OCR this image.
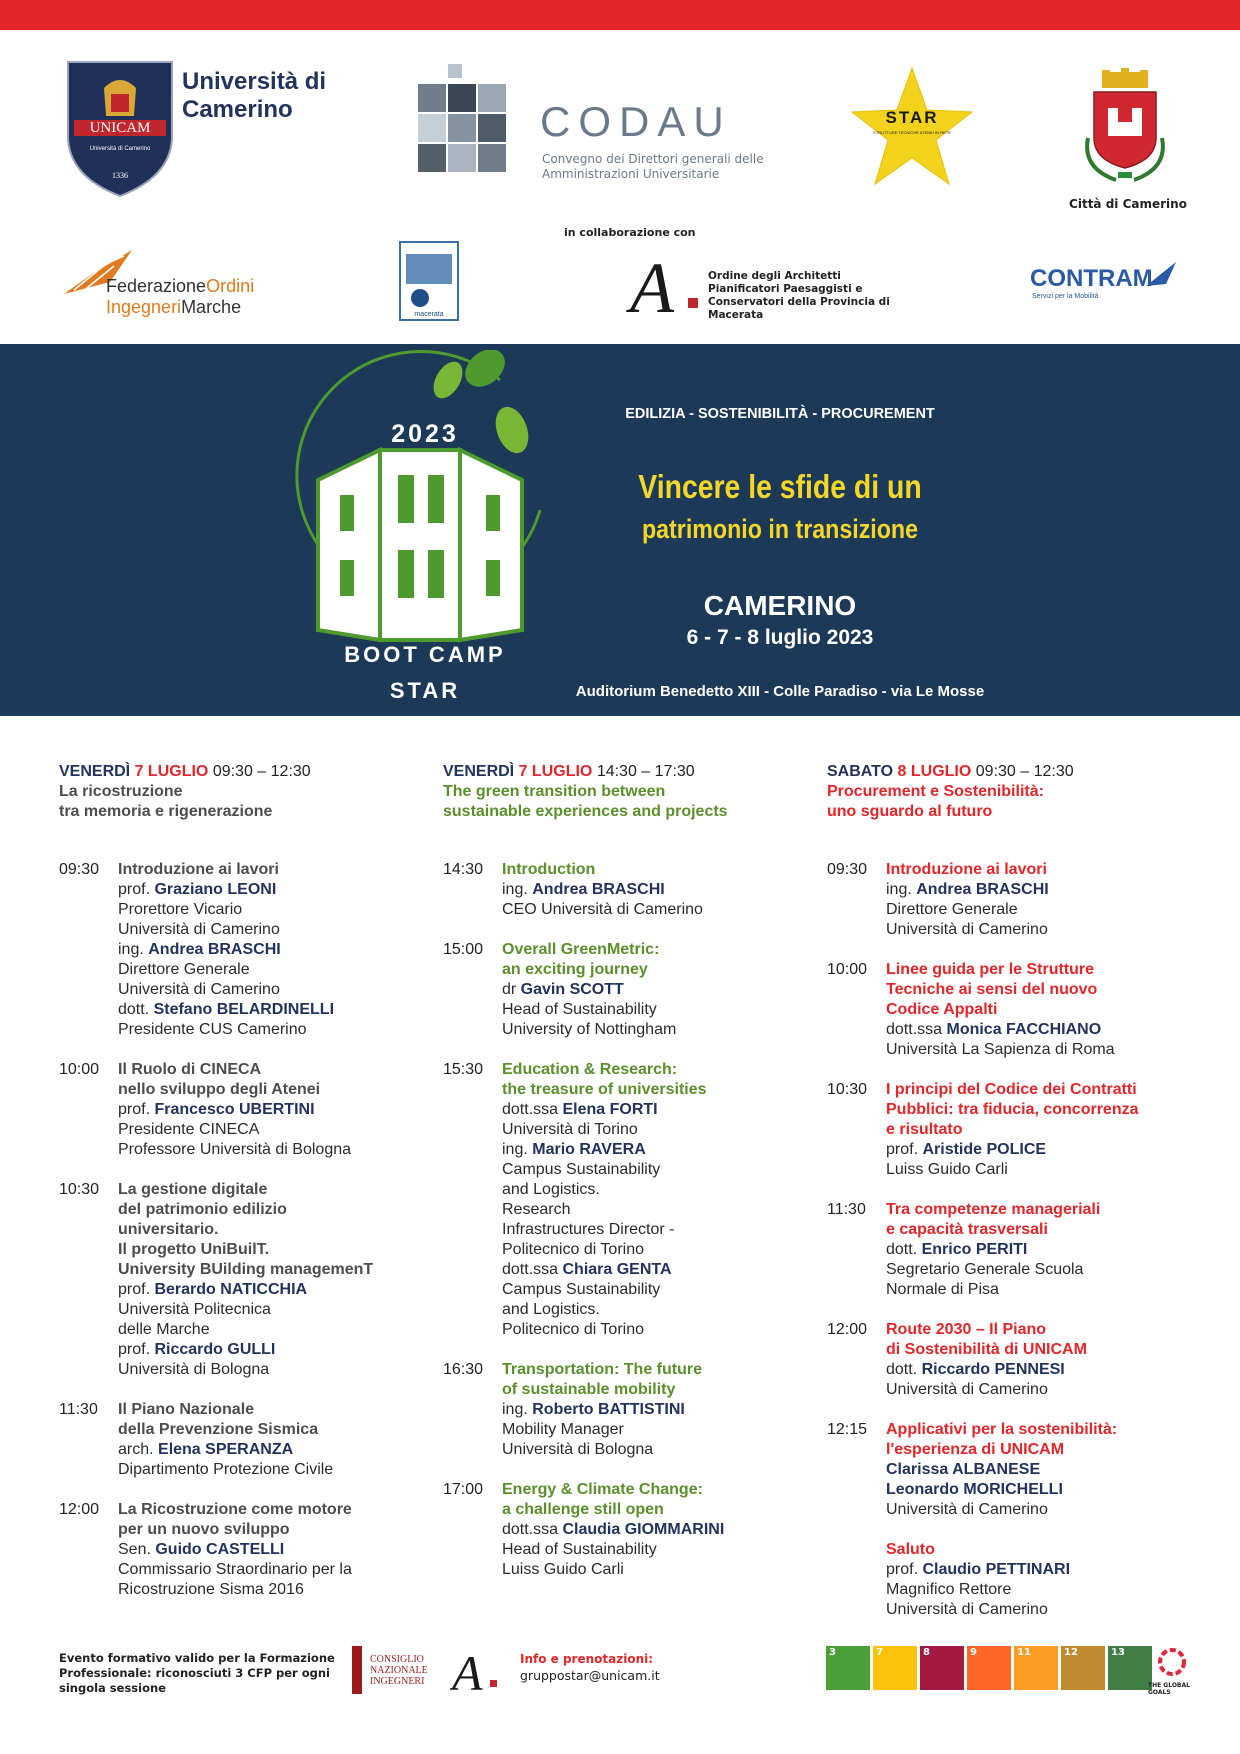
UNICAM
Università di Camerino
1336
Università di Camerino	CODAU
Convegno dei Direttori generali delle Amministrazioni Universitarie
STAR
STRUTTURE TECNICHE ATENEI IN RETE
Città di Camerino
in collaborazione con
FederazioneOrdini
IngegneriMarche	macerata	A	Ordine degli Architetti Pianificatori Paesaggisti e Conservatori della Provincia di Macerata
CONTRAM
Servizi per la Mobilità
2023
BOOT CAMP
STAR
EDILIZIA - SOSTENIBILITÀ - PROCUREMENT
Vincere le sfide di un
patrimonio in transizione
CAMERINO
6 - 7 - 8 luglio 2023
Auditorium Benedetto XIII - Colle Paradiso - via Le Mosse
VENERDÌ 7 LUGLIO 09:30 – 12:30
La ricostruzione
tra memoria e rigenerazione
09:30	Introduzione ai lavori
prof. Graziano LEONI
Prorettore Vicario
Università di Camerino
ing. Andrea BRASCHI
Direttore Generale
Università di Camerino
dott. Stefano BELARDINELLI
Presidente CUS Camerino
10:00	Il Ruolo di CINECA
nello sviluppo degli Atenei
prof. Francesco UBERTINI
Presidente CINECA
Professore Università di Bologna
10:30	La gestione digitale
del patrimonio edilizio
universitario.
Il progetto UniBuilT.
University BUilding managemenT
prof. Berardo NATICCHIA
Università Politecnica
delle Marche
prof. Riccardo GULLI
Università di Bologna
11:30	Il Piano Nazionale
della Prevenzione Sismica
arch. Elena SPERANZA
Dipartimento Protezione Civile
12:00	La Ricostruzione come motore
per un nuovo sviluppo
Sen. Guido CASTELLI
Commissario Straordinario per la
Ricostruzione Sisma 2016
VENERDÌ 7 LUGLIO 14:30 – 17:30
The green transition between
sustainable experiences and projects
14:30	Introduction
ing. Andrea BRASCHI
CEO Università di Camerino
15:00	Overall GreenMetric:
an exciting journey
dr Gavin SCOTT
Head of Sustainability
University of Nottingham
15:30	Education & Research:
the treasure of universities
dott.ssa Elena FORTI
Università di Torino
ing. Mario RAVERA
Campus Sustainability
and Logistics.
Research
Infrastructures Director -
Politecnico di Torino
dott.ssa Chiara GENTA
Campus Sustainability
and Logistics.
Politecnico di Torino
16:30	Transportation: The future
of sustainable mobility
ing. Roberto BATTISTINI
Mobility Manager
Università di Bologna
17:00	Energy & Climate Change:
a challenge still open
dott.ssa Claudia GIOMMARINI
Head of Sustainability
Luiss Guido Carli
SABATO 8 LUGLIO 09:30 – 12:30
Procurement e Sostenibilità:
uno sguardo al futuro
09:30	Introduzione ai lavori
ing. Andrea BRASCHI
Direttore Generale
Università di Camerino
10:00	Linee guida per le Strutture
Tecniche ai sensi del nuovo
Codice Appalti
dott.ssa Monica FACCHIANO
Università La Sapienza di Roma
10:30	I principi del Codice dei Contratti
Pubblici: tra fiducia, concorrenza
e risultato
prof. Aristide POLICE
Luiss Guido Carli
11:30	Tra competenze manageriali
e capacità trasversali
dott. Enrico PERITI
Segretario Generale Scuola
Normale di Pisa
12:00	Route 2030 – Il Piano
di Sostenibilità di UNICAM
dott. Riccardo PENNESI
Università di Camerino
12:15	Applicativi per la sostenibilità:
l'esperienza di UNICAM
Clarissa ALBANESE
Leonardo MORICHELLI
Università di Camerino
Saluto
prof. Claudio PETTINARI
Magnifico Rettore
Università di Camerino
Evento formativo valido per la Formazione Professionale: riconosciuti 3 CFP per ogni singola sessione
CONSIGLIO NAZIONALE INGEGNERI A	Info e prenotazioni:
gruppostar@unicam.it
3	7	8	9	11	12	13
THE GLOBAL GOALS
